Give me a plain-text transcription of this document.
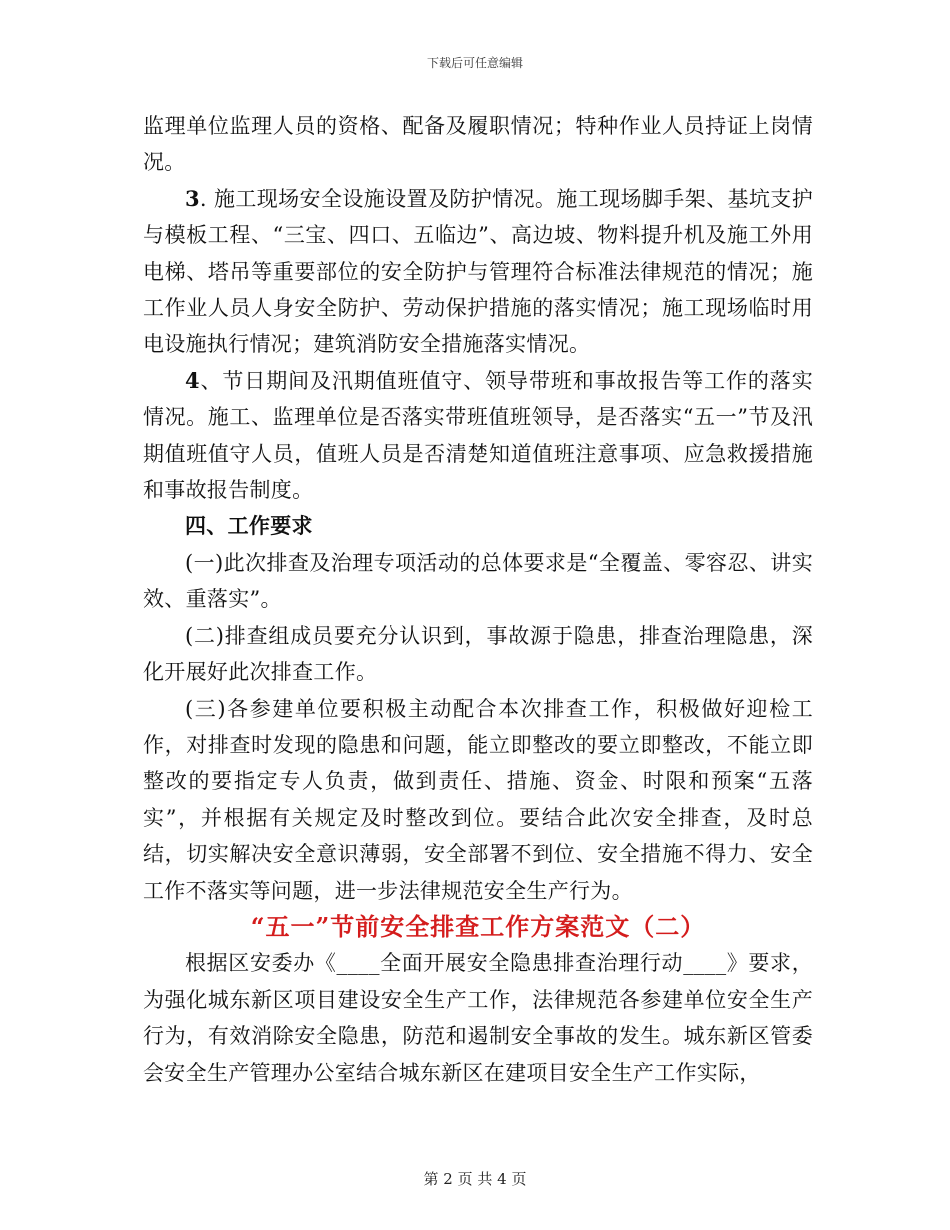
下载后可任意编辑

监理单位监理人员的资格、配备及履职情况；特种作业人员持证上岗情况。

3. 施工现场安全设施设置及防护情况。施工现场脚手架、基坑支护与模板工程、“三宝、四口、五临边”、高边坡、物料提升机及施工外用电梯、塔吊等重要部位的安全防护与管理符合标准法律规范的情况；施工作业人员人身安全防护、劳动保护措施的落实情况；施工现场临时用电设施执行情况；建筑消防安全措施落实情况。

4、节日期间及汛期值班值守、领导带班和事故报告等工作的落实情况。施工、监理单位是否落实带班值班领导，是否落实“五一”节及汛期值班值守人员，值班人员是否清楚知道值班注意事项、应急救援措施和事故报告制度。

四、工作要求

(一)此次排查及治理专项活动的总体要求是“全覆盖、零容忍、讲实效、重落实”。

(二)排查组成员要充分认识到，事故源于隐患，排查治理隐患，深化开展好此次排查工作。

(三)各参建单位要积极主动配合本次排查工作，积极做好迎检工作，对排查时发现的隐患和问题，能立即整改的要立即整改，不能立即整改的要指定专人负责，做到责任、措施、资金、时限和预案“五落实”，并根据有关规定及时整改到位。要结合此次安全排查，及时总结，切实解决安全意识薄弱，安全部署不到位、安全措施不得力、安全工作不落实等问题，进一步法律规范安全生产行为。

“五一”节前安全排查工作方案范文（二）

根据区安委办《____全面开展安全隐患排查治理行动____》要求，为强化城东新区项目建设安全生产工作，法律规范各参建单位安全生产行为，有效消除安全隐患，防范和遏制安全事故的发生。城东新区管委会安全生产管理办公室结合城东新区在建项目安全生产工作实际，

第 2 页 共 4 页
